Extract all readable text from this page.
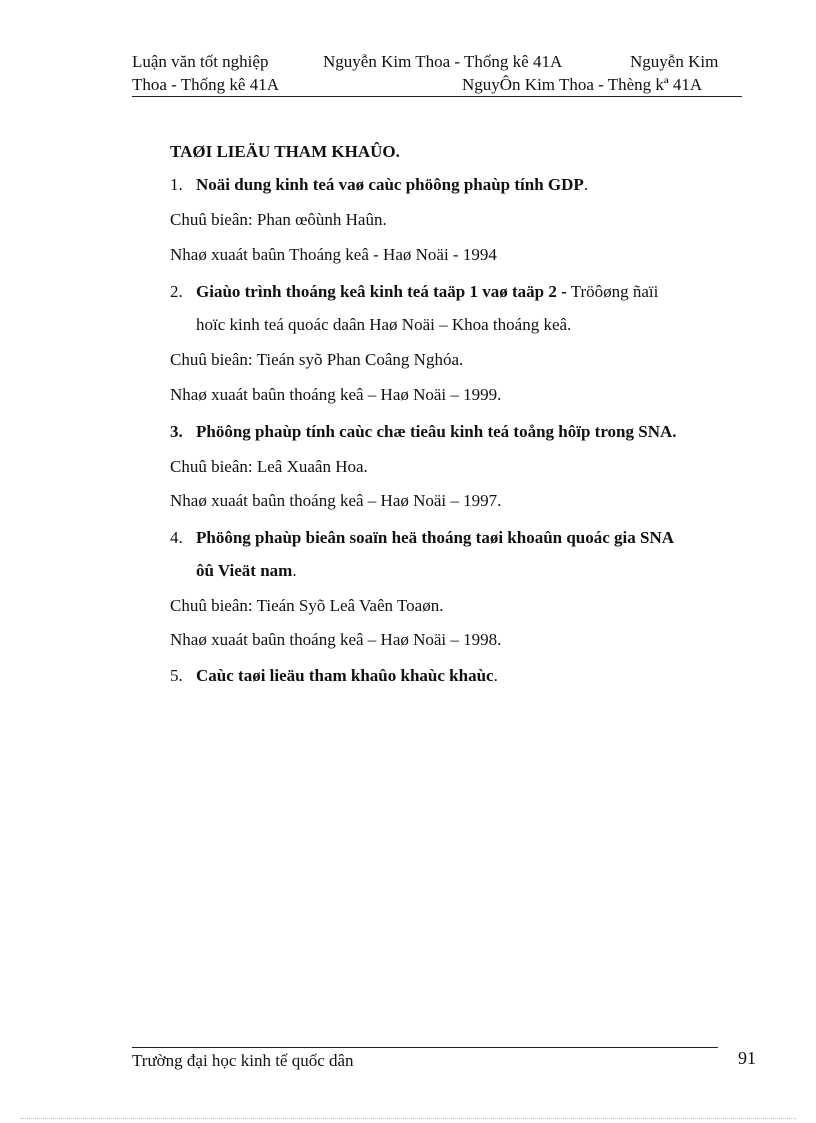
Luận văn tốt nghiệp	Nguyễn Kim Thoa - Thống kê 41A	Nguyễn Kim
Thoa - Thống kê 41A	NguyÔn Kim Thoa - Thèng kª 41A
TAØI LIEÄU THAM KHAÛO.
1. Noäi dung kinh teá vaø caùc phöông phaùp tính GDP.
Chuû bieân: Phan œôùnh Haûn.
Nhaø xuaát baûn Thoáng keâ - Haø Noäi - 1994
2. Giaùo trình thoáng keâ kinh teá taäp 1 vaø taäp 2 - Tröôøng ñaïi
hoïc kinh teá quoác daân Haø Noäi – Khoa thoáng keâ.
Chuû bieân: Tieán syõ Phan Coâng Nghóa.
Nhaø xuaát baûn thoáng keâ – Haø Noäi – 1999.
3. Phöông phaùp tính caùc chæ tieâu kinh teá toång hôïp trong SNA.
Chuû bieân: Leâ Xuaân Hoa.
Nhaø xuaát baûn thoáng keâ – Haø Noäi – 1997.
4. Phöông phaùp bieân soaïn heä thoáng taøi khoaûn quoác gia SNA
ôû Vieät nam.
Chuû bieân: Tieán Syõ Leâ Vaên Toaøn.
Nhaø xuaát baûn thoáng keâ – Haø Noäi – 1998.
5. Caùc taøi lieäu tham khaûo khaùc khaùc.
Trường đại học kinh tế quốc dân	91
